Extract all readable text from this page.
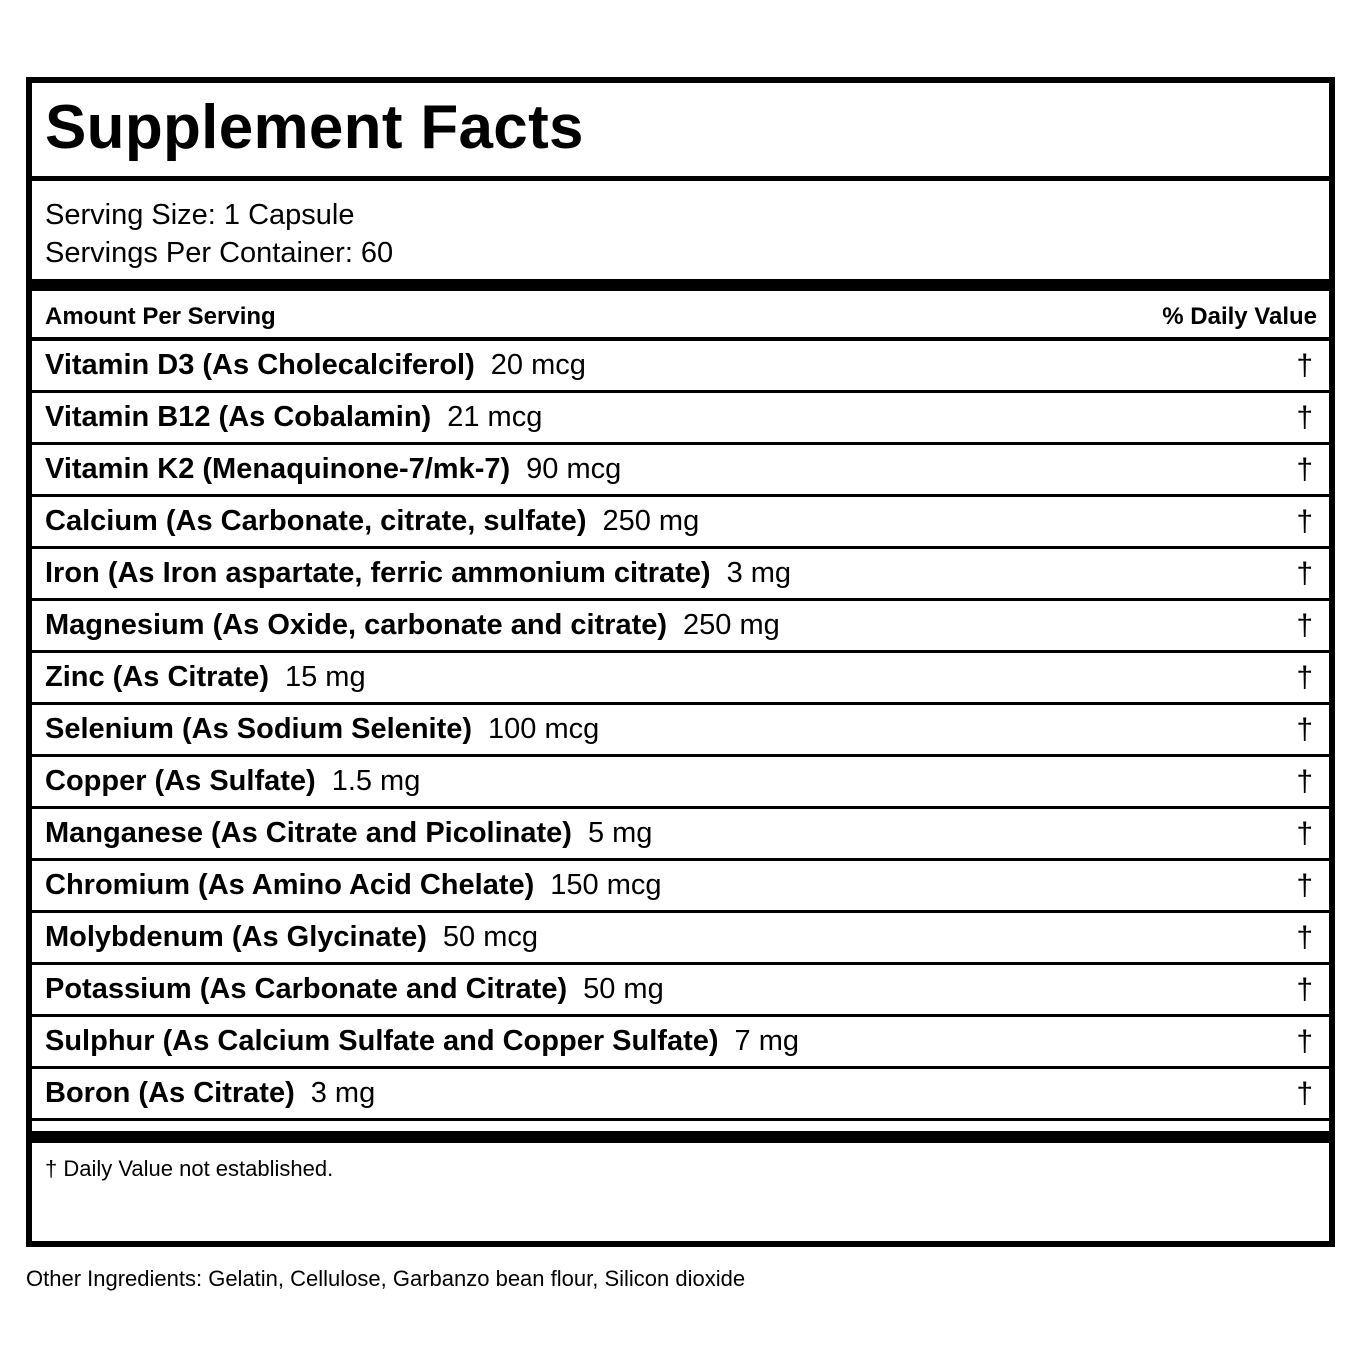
Supplement Facts
Serving Size: 1 Capsule
Servings Per Container: 60
Amount Per Serving	% Daily Value
Vitamin D3 (As Cholecalciferol) 20 mcg	†
Vitamin B12 (As Cobalamin) 21 mcg	†
Vitamin K2 (Menaquinone-7/mk-7) 90 mcg	†
Calcium (As Carbonate, citrate, sulfate) 250 mg	†
Iron (As Iron aspartate, ferric ammonium citrate) 3 mg	†
Magnesium (As Oxide, carbonate and citrate) 250 mg	†
Zinc (As Citrate) 15 mg	†
Selenium (As Sodium Selenite) 100 mcg	†
Copper (As Sulfate) 1.5 mg	†
Manganese (As Citrate and Picolinate) 5 mg	†
Chromium (As Amino Acid Chelate) 150 mcg	†
Molybdenum (As Glycinate) 50 mcg	†
Potassium (As Carbonate and Citrate) 50 mg	†
Sulphur (As Calcium Sulfate and Copper Sulfate) 7 mg	†
Boron (As Citrate) 3 mg	†
† Daily Value not established.
Other Ingredients: Gelatin, Cellulose, Garbanzo bean flour, Silicon dioxide
